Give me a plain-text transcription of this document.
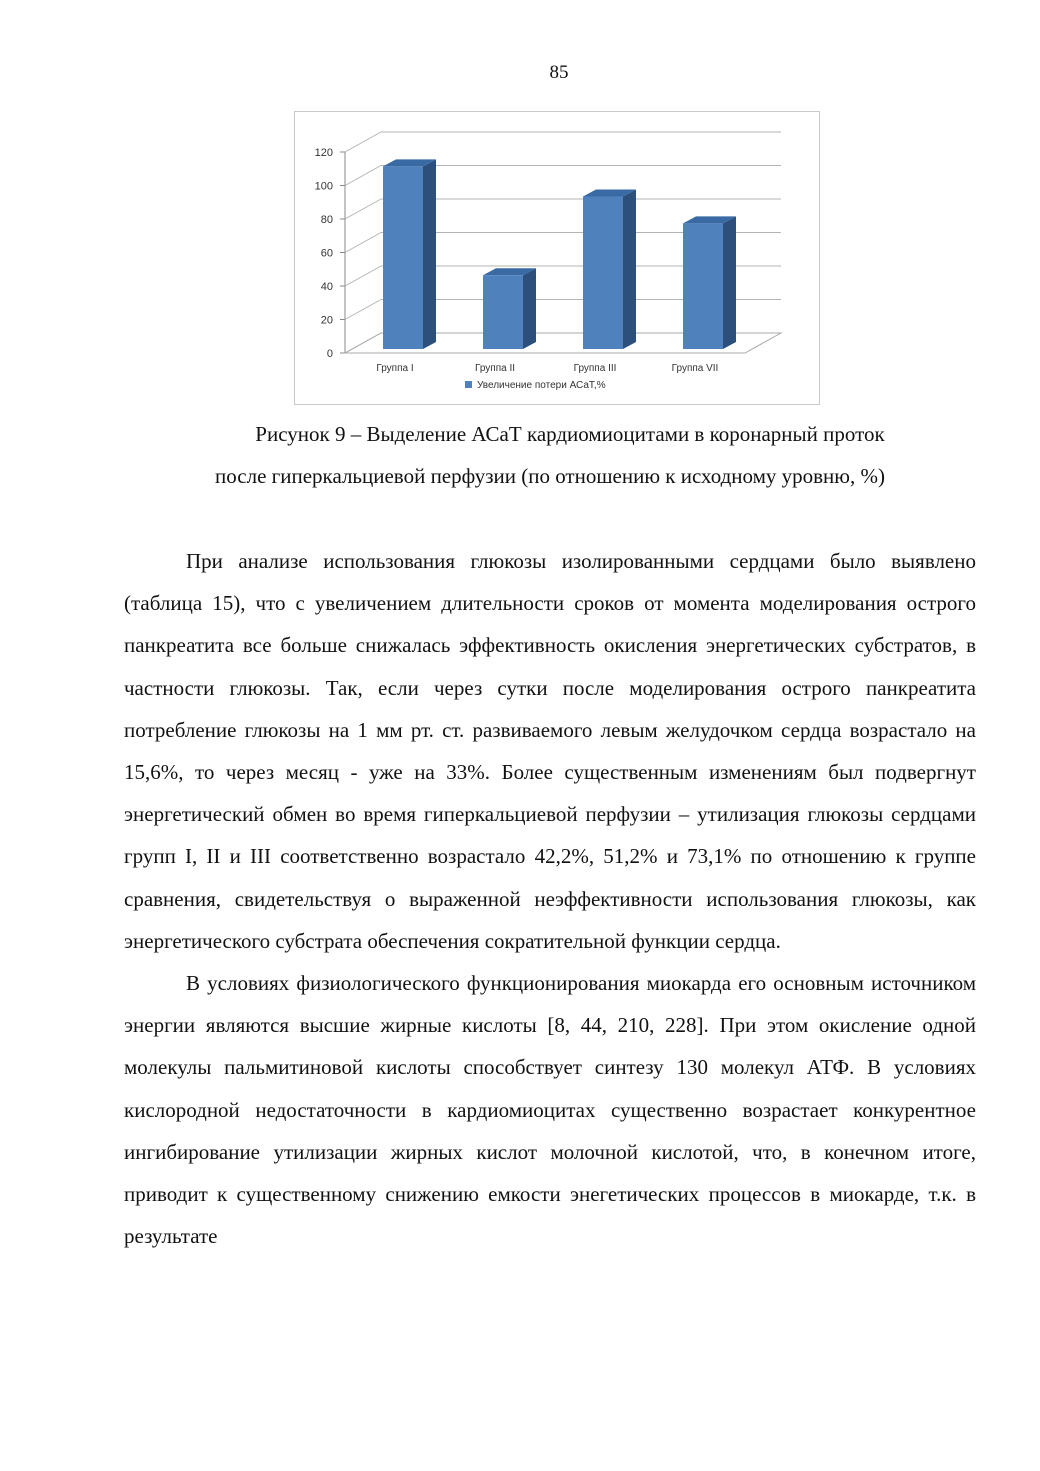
85
0
20
40
60
80
100
120
Группа I	Группа II	Группа III	Группа VII
Увеличение потери АСаТ,%
Рисунок 9 – Выделение АСаТ кардиомиоцитами в коронарный проток
после гиперкальциевой перфузии (по отношению к исходному уровню, %)

При анализе использования глюкозы изолированными сердцами было выявлено (таблица 15), что с увеличением длительности сроков от момента моделирования острого панкреатита все больше снижалась эффективность окисления энергетических субстратов, в частности глюкозы. Так, если через сутки после моделирования острого панкреатита потребление глюкозы на 1 мм рт. ст. развиваемого левым желудочком сердца возрастало на 15,6%, то через месяц - уже на 33%. Более существенным изменениям был подвергнут энергетический обмен во время гиперкальциевой перфузии – утилизация глюкозы сердцами групп I, II и III соответственно возрастало 42,2%, 51,2% и 73,1% по отношению к группе сравнения, свидетельствуя о выраженной неэффективности использования глюкозы, как энергетического субстрата обеспечения сократительной функции сердца.

В условиях физиологического функционирования миокарда его основным источником энергии являются высшие жирные кислоты [8, 44, 210, 228]. При этом окисление одной молекулы пальмитиновой кислоты способствует синтезу 130 молекул АТФ. В условиях кислородной недостаточности в кардиомиоцитах существенно возрастает конкурентное ингибирование утилизации жирных кислот молочной кислотой, что, в конечном итоге, приводит к существенному снижению емкости энегетических процессов в миокарде, т.к. в результате
